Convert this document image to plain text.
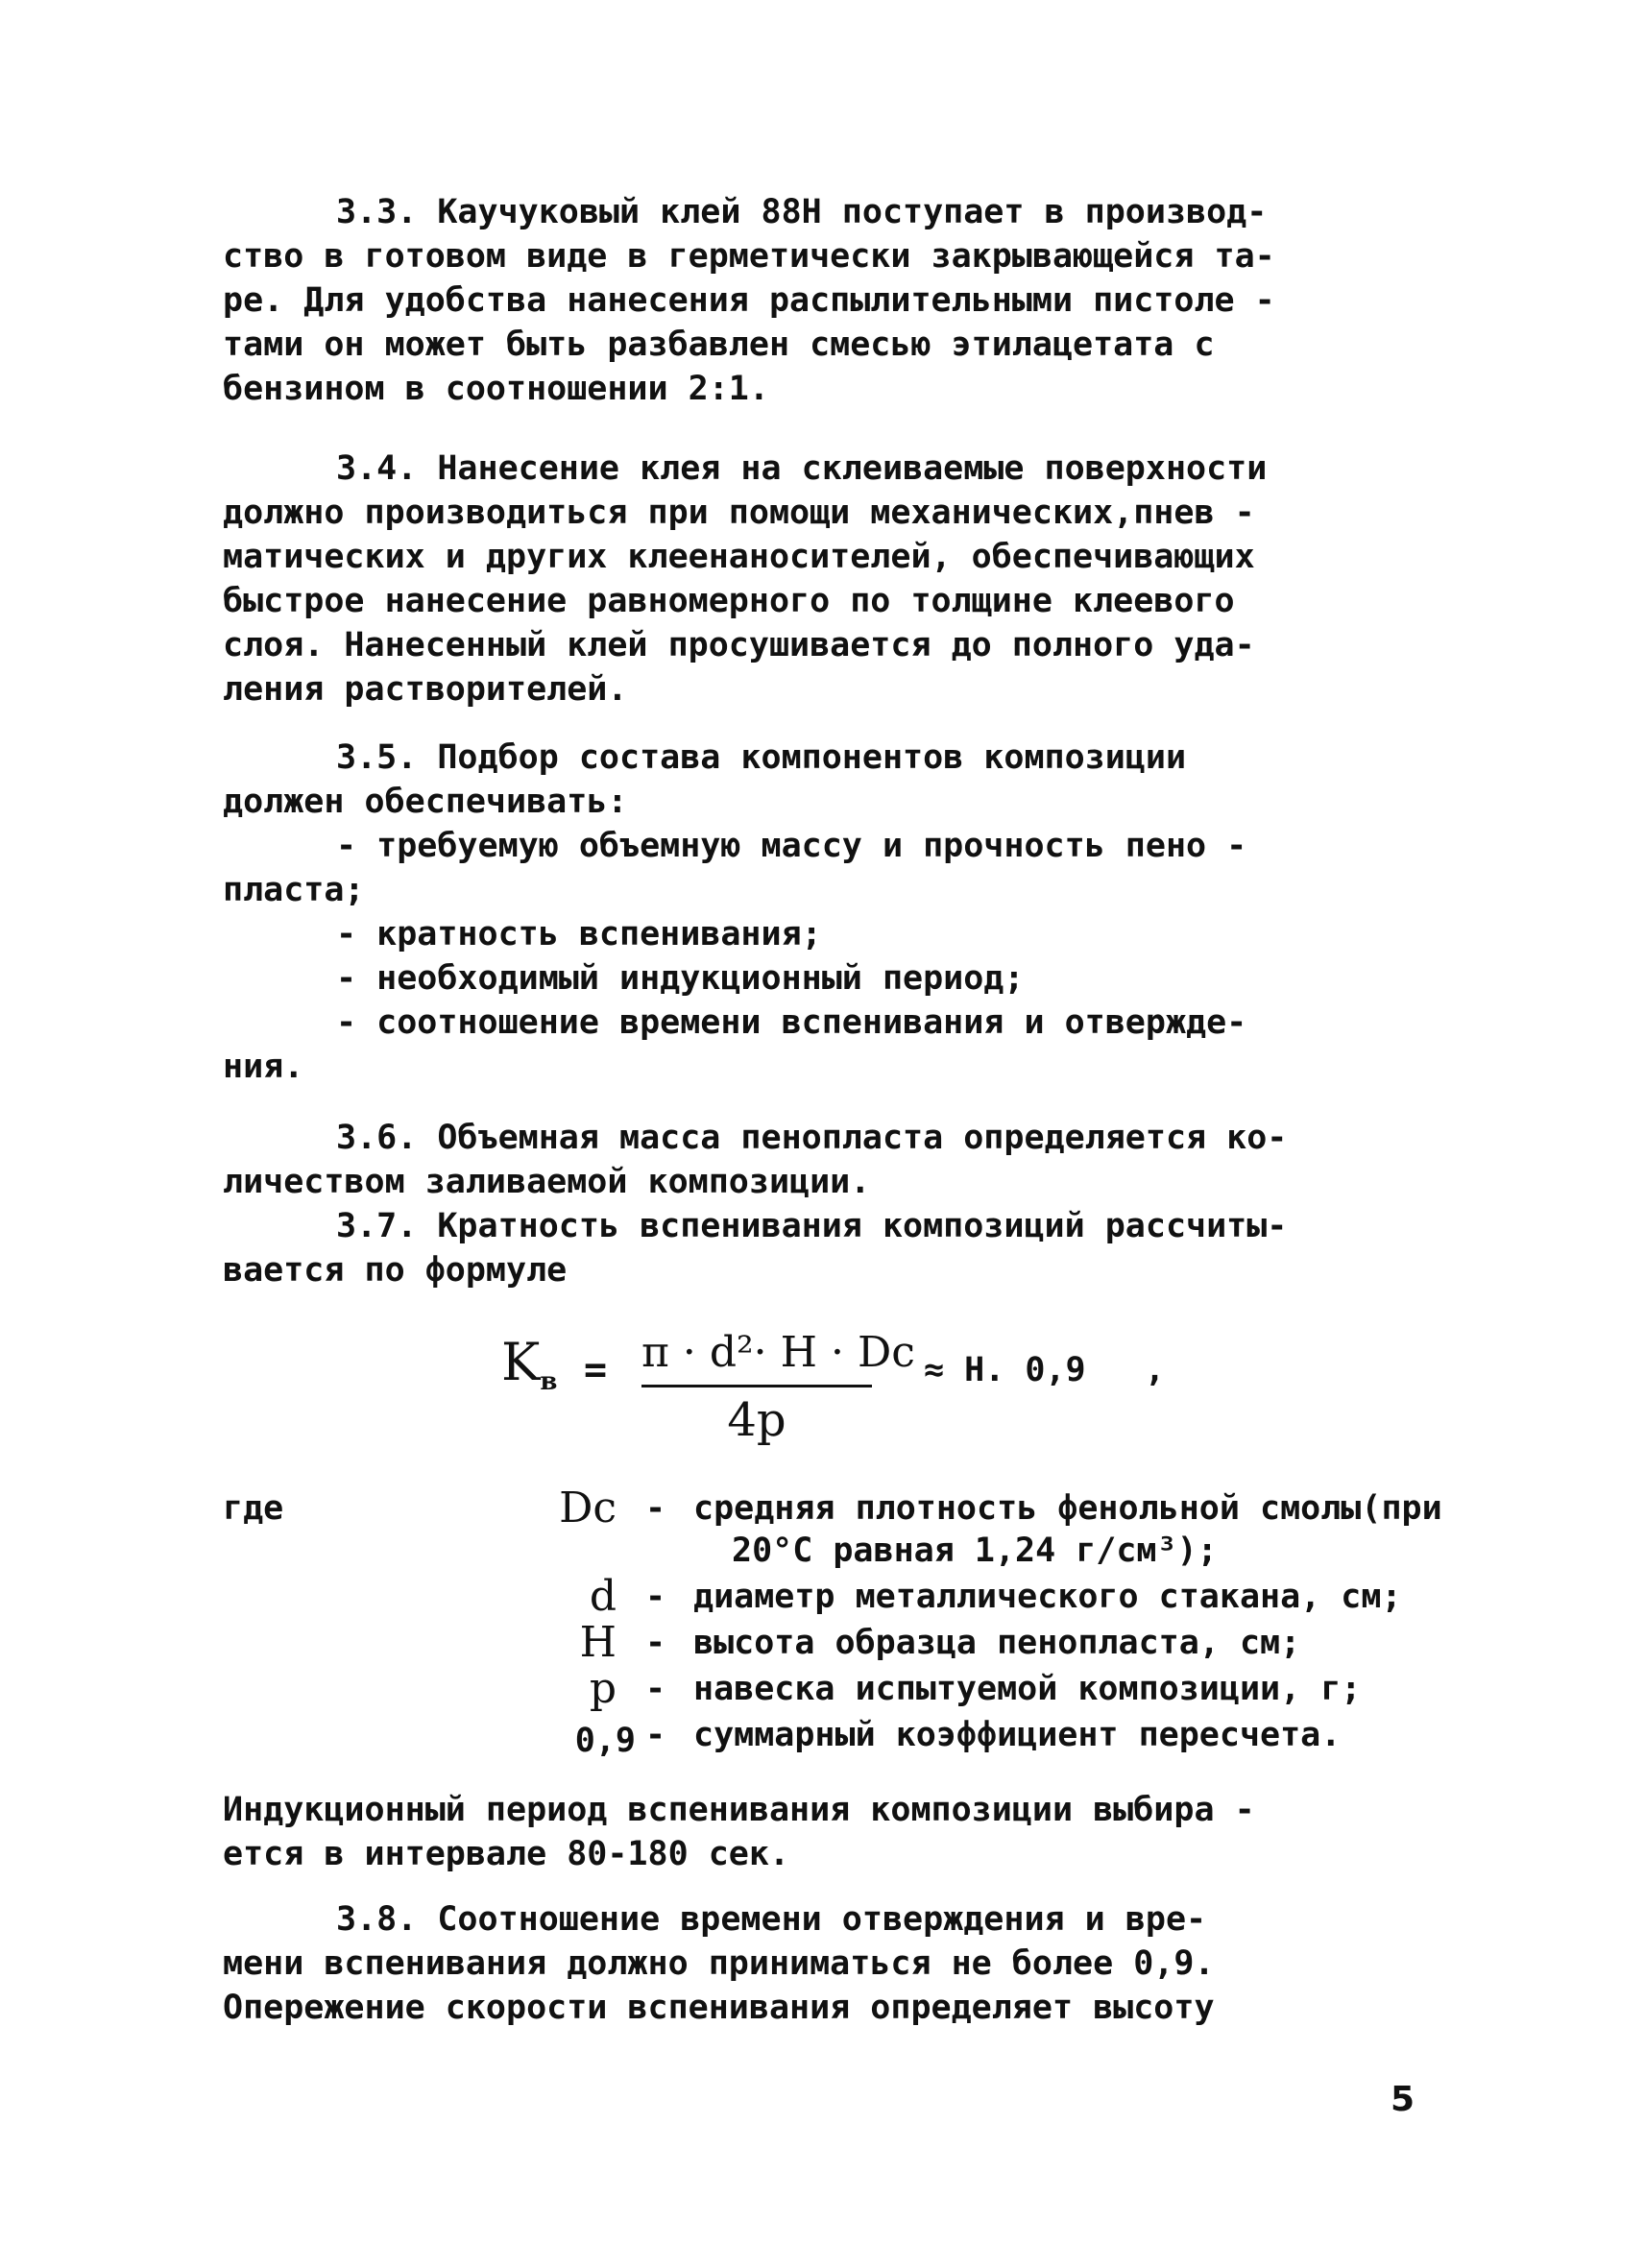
3.3. Каучуковый клей 88Н поступает в производ-
ство в готовом виде в герметически закрывающейся та-
ре. Для удобства нанесения распылительными пистоле -
тами он может быть разбавлен смесью этилацетата с
бензином в соотношении 2:1.

3.4. Нанесение клея на склеиваемые поверхности
должно производиться при помощи механических,пнев -
матических и других клеенаносителей, обеспечивающих
быстрое нанесение равномерного по толщине клеевого
слоя. Нанесенный клей просушивается до полного уда-
ления растворителей.

3.5. Подбор состава компонентов композиции
должен обеспечивать:
- требуемую объемную массу и прочность пено -
пласта;
- кратность вспенивания;
- необходимый индукционный период;
- соотношение времени вспенивания и отверждe-
ния.

3.6. Объемная масса пенопласта определяется ко-
личеством заливаемой композиции.

3.7. Кратность вспенивания композиций рассчиты-
вается по формуле

$K_в = \pi \cdot d^2\cdot H \cdot Dc$
4p
≈ H. 0,9 ,
где	Dc - средняя плотность фенольной смолы(при
20°C равная 1,24 г/см³);
d - диаметр металлического стакана, см;
H - высота образца пенопласта, см;
p - навеска испытуемой композиции, г;
0,9 - суммарный коэффициент пересчета.

Индукционный период вспенивания композиции выбира -
ется в интервале 80-180 сек.

3.8. Соотношение времени отверждения и вре-
мени вспенивания должно приниматься не более 0,9.
Опережение скорости вспенивания определяет высоту

5
